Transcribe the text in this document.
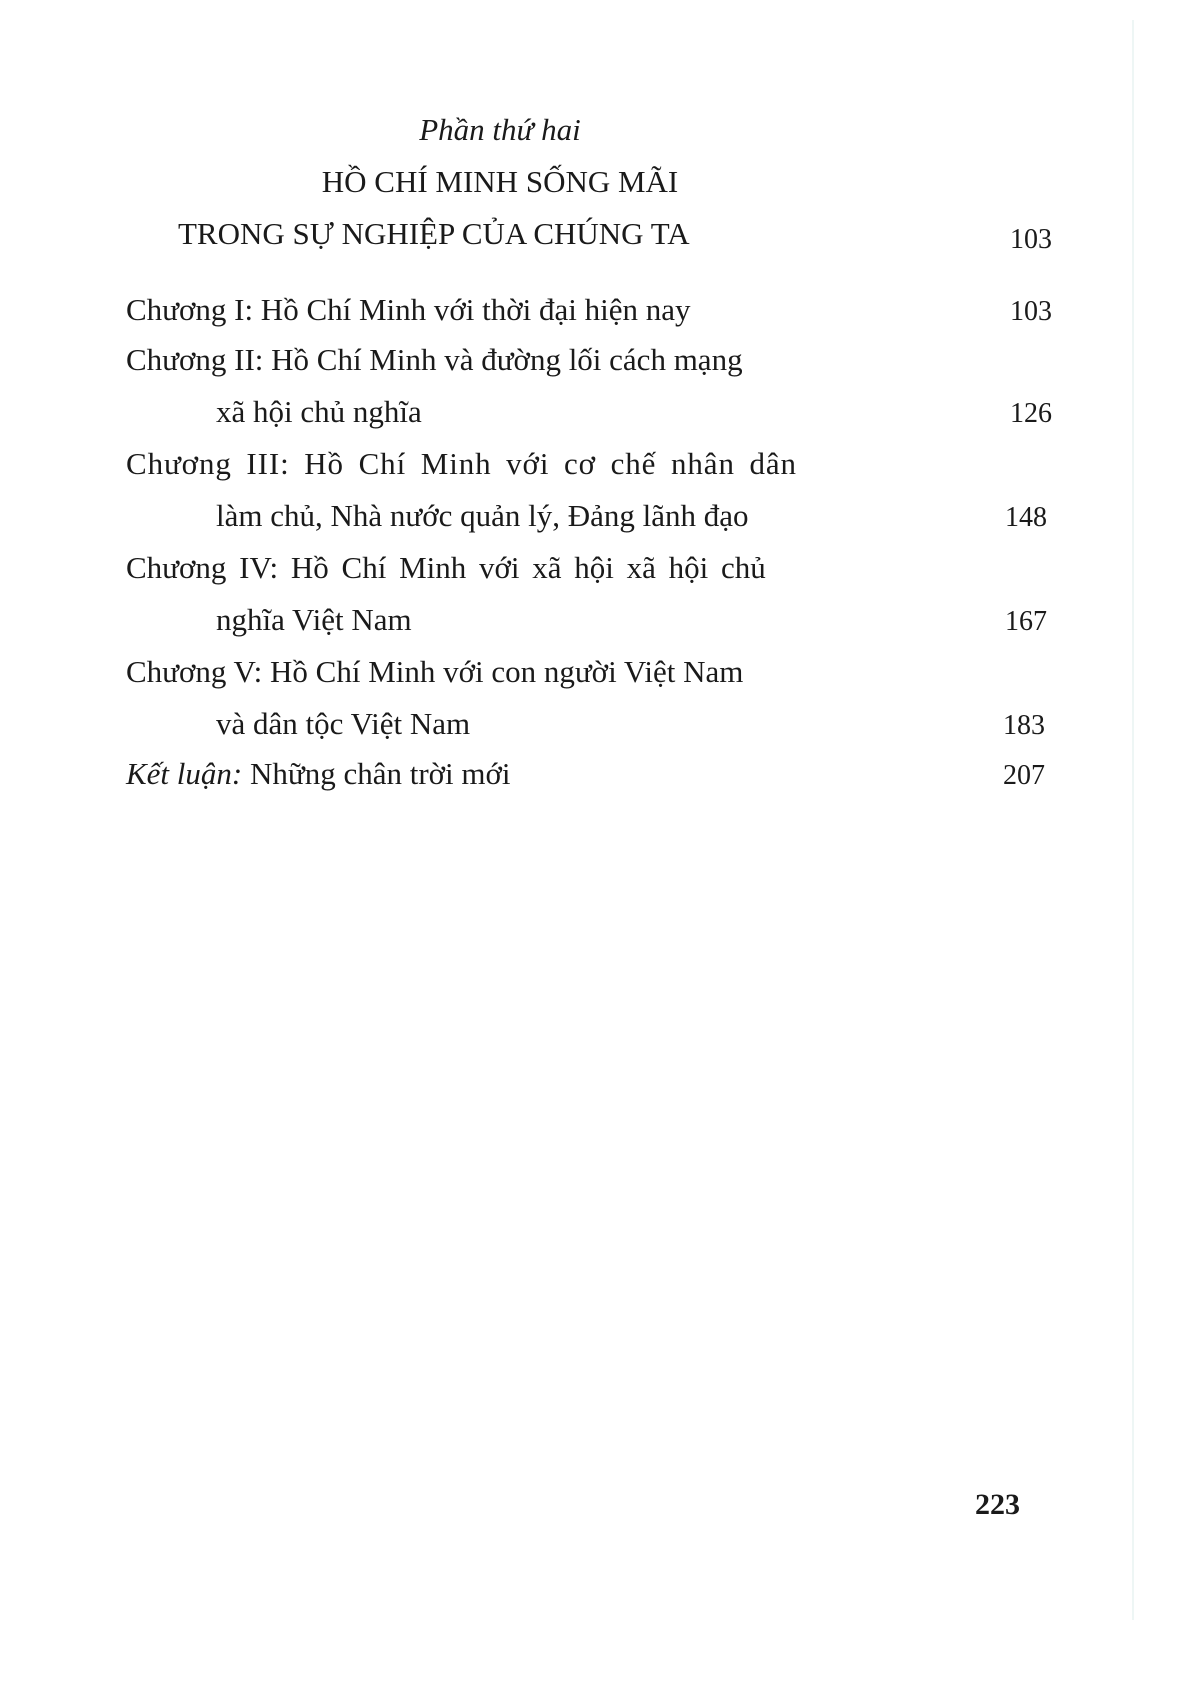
Phần thứ hai
HỒ CHÍ MINH SỐNG MÃI
TRONG SỰ NGHIỆP CỦA CHÚNG TA	103
Chương I: Hồ Chí Minh với thời đại hiện nay	103
Chương II: Hồ Chí Minh và đường lối cách mạng
xã hội chủ nghĩa	126
Chương III: Hồ Chí Minh với cơ chế nhân dân
làm chủ, Nhà nước quản lý, Đảng lãnh đạo	148
Chương IV: Hồ Chí Minh với xã hội xã hội chủ
nghĩa Việt Nam	167
Chương V: Hồ Chí Minh với con người Việt Nam
và dân tộc Việt Nam	183
Kết luận: Những chân trời mới	207
223
